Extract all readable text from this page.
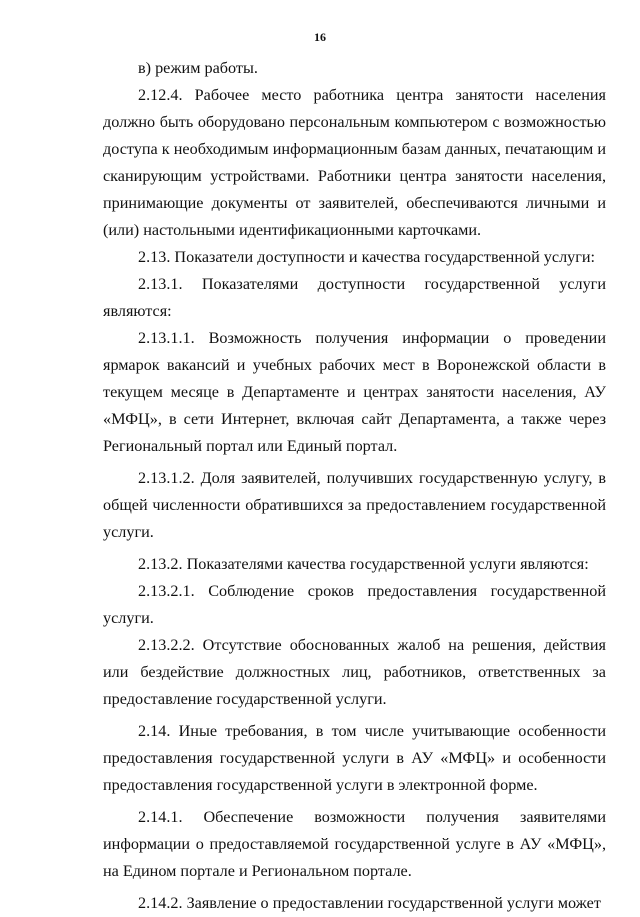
16

в) режим работы.

2.12.4. Рабочее место работника центра занятости населения должно быть оборудовано персональным компьютером с возможностью доступа к необходимым информационным базам данных, печатающим и сканирующим устройствами. Работники центра занятости населения, принимающие документы от заявителей, обеспечиваются личными и (или) настольными идентификационными карточками.

2.13. Показатели доступности и качества государственной услуги:

2.13.1. Показателями доступности государственной услуги являются:

2.13.1.1. Возможность получения информации о проведении ярмарок вакансий и учебных рабочих мест в Воронежской области в текущем месяце в Департаменте и центрах занятости населения, АУ «МФЦ», в сети Интернет, включая сайт Департамента, а также через Региональный портал или Единый портал.

2.13.1.2. Доля заявителей, получивших государственную услугу, в общей численности обратившихся за предоставлением государственной услуги.

2.13.2. Показателями качества государственной услуги являются:

2.13.2.1. Соблюдение сроков предоставления государственной услуги.

2.13.2.2. Отсутствие обоснованных жалоб на решения, действия или бездействие должностных лиц, работников, ответственных за предоставление государственной услуги.

2.14. Иные требования, в том числе учитывающие особенности предоставления государственной услуги в АУ «МФЦ» и особенности предоставления государственной услуги в электронной форме.

2.14.1. Обеспечение возможности получения заявителями информации о предоставляемой государственной услуге в АУ «МФЦ», на Едином портале и Региональном портале.

2.14.2. Заявление о предоставлении государственной услуги может
